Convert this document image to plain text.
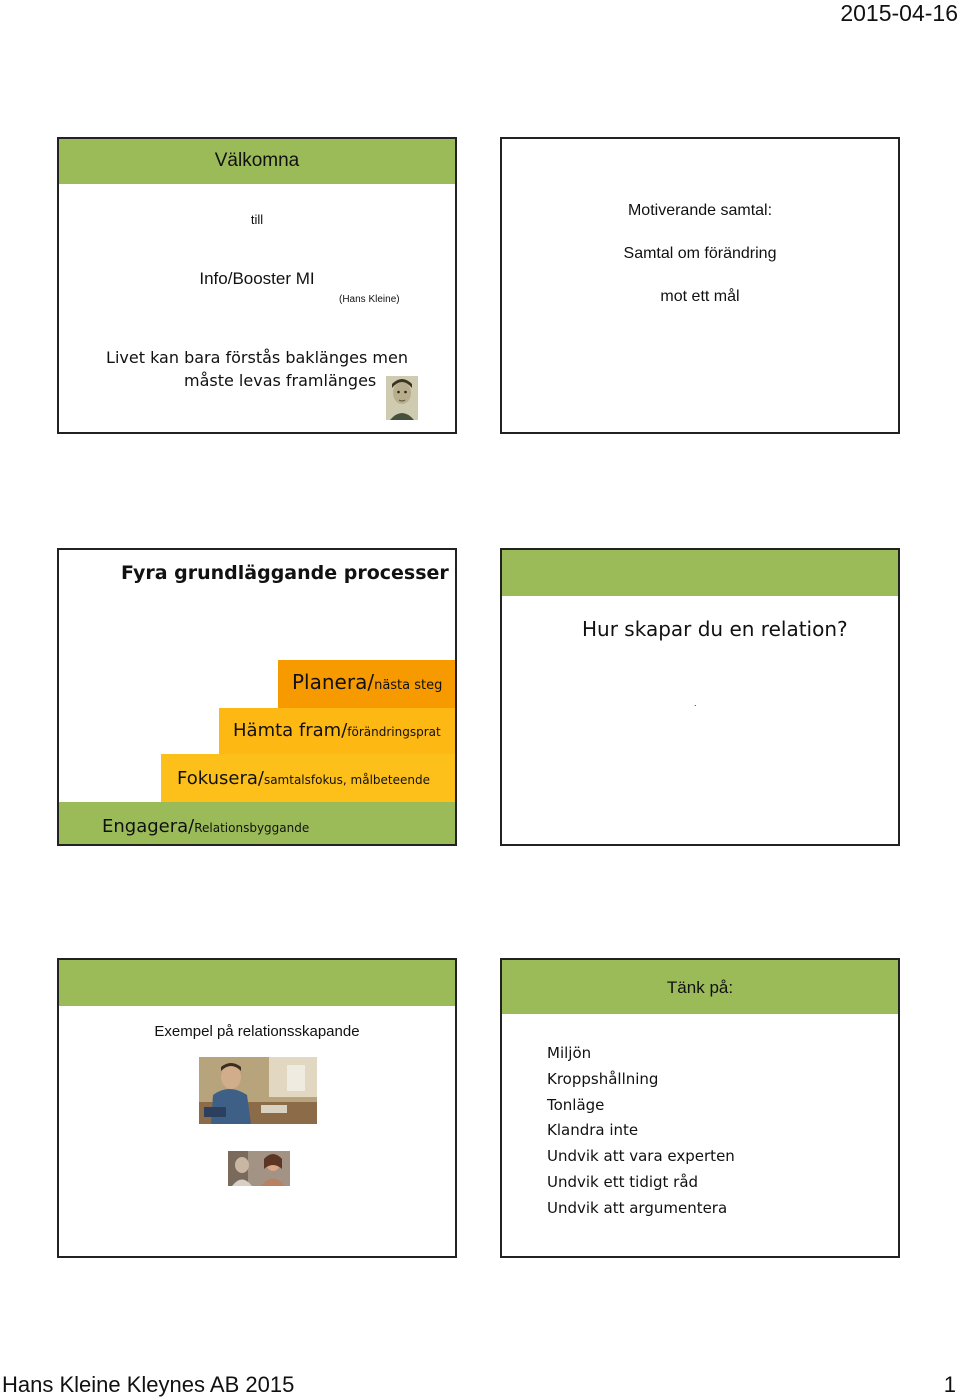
2015-04-16
Välkomna
till
Info/Booster MI
(Hans Kleine)
Livet kan bara förstås baklänges men
måste levas framlänges
Motiverande samtal:
Samtal om förändring
mot ett mål
Fyra grundläggande processer
Planera/nästa steg
Hämta fram/förändringsprat
Fokusera/samtalsfokus, målbeteende
Engagera/Relationsbyggande
Hur skapar du en relation?
.
Exempel på relationsskapande
Tänk på:
Miljön
Kroppshållning
Tonläge
Klandra inte
Undvik att vara experten
Undvik ett tidigt råd
Undvik att argumentera
Hans Kleine Kleynes AB 2015	1
